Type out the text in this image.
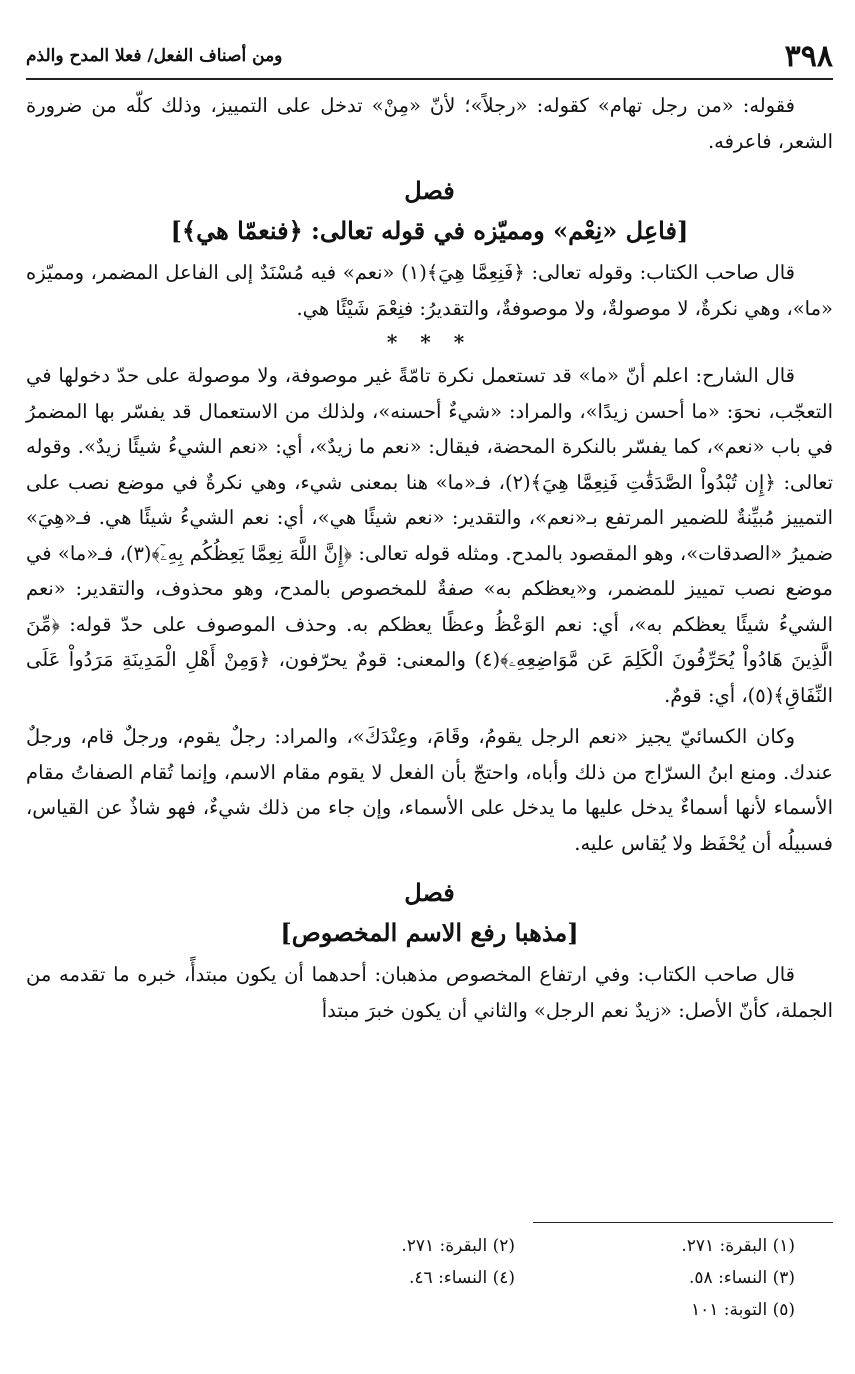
٣٩٨
ومن أصناف الفعل/ فعلا المدح والذم

فقوله: «من رجل تهام» كقوله: «رجلاً»؛ لأنّ «مِنْ» تدخل على التمييز، وذلك كلّه من ضرورة الشعر، فاعرفه.

فصل

[فاعِل «نِعْم» ومميّزه في قوله تعالى: ﴿فنعمّا هي﴾]

قال صاحب الكتاب: وقوله تعالى: ﴿فَنِعِمَّا هِيَ﴾(١) «نعم» فيه مُسْنَدٌ إلى الفاعل المضمر، ومميّزه «ما»، وهي نكرةٌ، لا موصولةٌ، ولا موصوفةٌ، والتقديرُ: فنِعْمَ شَيْئًا هي.

* * *

قال الشارح: اعلم أنّ «ما» قد تستعمل نكرة تامّةً غير موصوفة، ولا موصولة على حدّ دخولها في التعجّب، نحوَ: «ما أحسن زيدًا»، والمراد: «شيءٌ أحسنه»، ولذلك من الاستعمال قد يفسّر بها المضمرُ في باب «نعم»، كما يفسّر بالنكرة المحضة، فيقال: «نعم ما زيدٌ»، أي: «نعم الشيءُ شيئًا زيدٌ». وقوله تعالى: ﴿إِن تُبْدُواْ الصَّدَقَٰتِ فَنِعِمَّا هِيَ﴾(٢)، فـ«ما» هنا بمعنى شيء، وهي نكرةٌ في موضع نصب على التمييز مُبيِّنةٌ للضمير المرتفع بـ«نعم»، والتقدير: «نعم شيئًا هي»، أي: نعم الشيءُ شيئًا هي. فـ«هِيَ» ضميرُ «الصدقات»، وهو المقصود بالمدح. ومثله قوله تعالى: ﴿إِنَّ اللَّهَ نِعِمَّا يَعِظُكُم بِهِۦٓ﴾(٣)، فـ«ما» في موضع نصب تمييز للمضمر، و«يعظكم به» صفةٌ للمخصوص بالمدح، وهو محذوف، والتقدير: «نعم الشيءُ شيئًا يعظكم به»، أي: نعم الوَعْظُ وعظًا يعظكم به. وحذف الموصوف على حدّ قوله: ﴿مِّنَ الَّذِينَ هَادُواْ يُحَرِّفُونَ الْكَلِمَ عَن مَّوَاضِعِهِۦ﴾(٤) والمعنى: قومٌ يحرّفون، ﴿وَمِنْ أَهْلِ الْمَدِينَةِ مَرَدُواْ عَلَى النِّفَاقِ﴾(٥)، أي: قومٌ.

وكان الكسائيّ يجيز «نعم الرجل يقومُ، وقَامَ، وعِنْدَكَ»، والمراد: رجلٌ يقوم، ورجلٌ قام، ورجلٌ عندك. ومنع ابنُ السرّاج من ذلك وأباه، واحتجّ بأن الفعل لا يقوم مقام الاسم، وإنما تُقام الصفاتُ مقام الأسماء لأنها أسماءٌ يدخل عليها ما يدخل على الأسماء، وإن جاء من ذلك شيءٌ، فهو شاذٌ عن القياس، فسبيلُه أن يُحْفَظ ولا يُقاس عليه.

فصل

[مذهبا رفع الاسم المخصوص]

قال صاحب الكتاب: وفي ارتفاع المخصوص مذهبان: أحدهما أن يكون مبتدأً، خبره ما تقدمه من الجملة، كأنّ الأصل: «زيدٌ نعم الرجل» والثاني أن يكون خبرَ مبتدأ

(١) البقرة: ٢٧١.
(٢) البقرة: ٢٧١.
(٣) النساء: ٥٨.
(٤) النساء: ٤٦.
(٥) التوبة: ١٠١
